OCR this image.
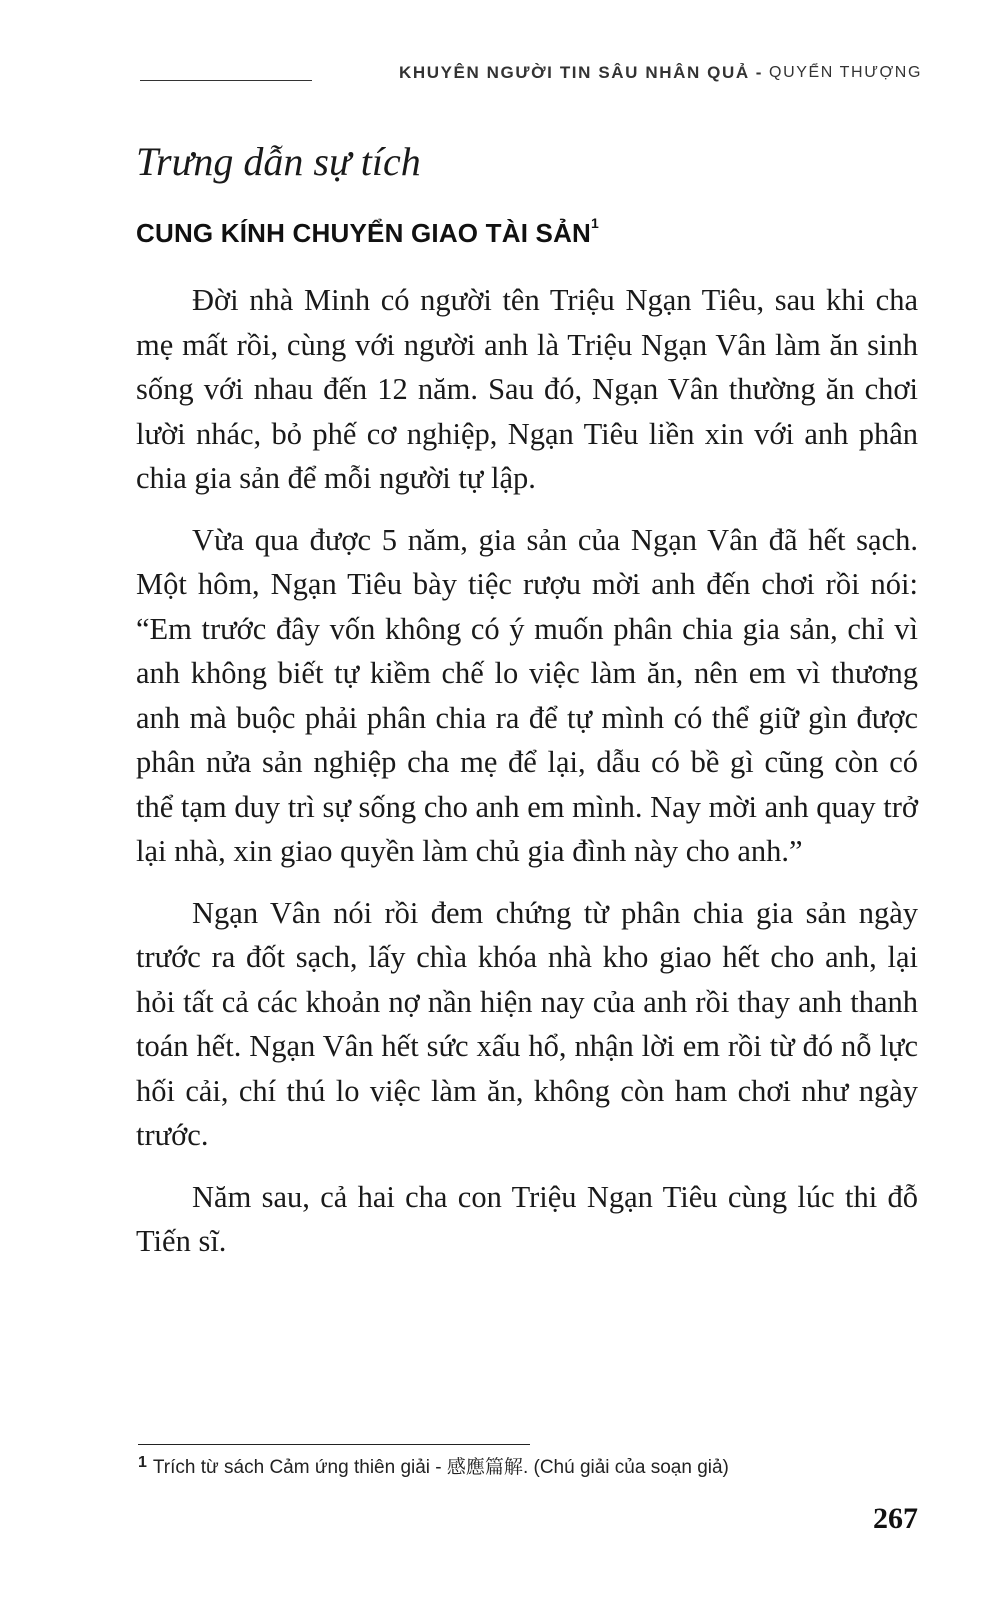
KHUYÊN NGƯỜI TIN SÂU NHÂN QUẢ - QUYỂN THƯỢNG
Trưng dẫn sự tích
CUNG KÍNH CHUYỂN GIAO TÀI SẢN$^1$

Đời nhà Minh có người tên Triệu Ngạn Tiêu, sau khi cha mẹ mất rồi, cùng với người anh là Triệu Ngạn Vân làm ăn sinh sống với nhau đến 12 năm. Sau đó, Ngạn Vân thường ăn chơi lười nhác, bỏ phế cơ nghiệp, Ngạn Tiêu liền xin với anh phân chia gia sản để mỗi người tự lập.

Vừa qua được 5 năm, gia sản của Ngạn Vân đã hết sạch. Một hôm, Ngạn Tiêu bày tiệc rượu mời anh đến chơi rồi nói: “Em trước đây vốn không có ý muốn phân chia gia sản, chỉ vì anh không biết tự kiềm chế lo việc làm ăn, nên em vì thương anh mà buộc phải phân chia ra để tự mình có thể giữ gìn được phân nửa sản nghiệp cha mẹ để lại, dẫu có bề gì cũng còn có thể tạm duy trì sự sống cho anh em mình. Nay mời anh quay trở lại nhà, xin giao quyền làm chủ gia đình này cho anh.”

Ngạn Vân nói rồi đem chứng từ phân chia gia sản ngày trước ra đốt sạch, lấy chìa khóa nhà kho giao hết cho anh, lại hỏi tất cả các khoản nợ nần hiện nay của anh rồi thay anh thanh toán hết. Ngạn Vân hết sức xấu hổ, nhận lời em rồi từ đó nỗ lực hối cải, chí thú lo việc làm ăn, không còn ham chơi như ngày trước.

Năm sau, cả hai cha con Triệu Ngạn Tiêu cùng lúc thi đỗ Tiến sĩ.

$^1$ Trích từ sách Cảm ứng thiên giải - 感應篇解. (Chú giải của soạn giả)
267
